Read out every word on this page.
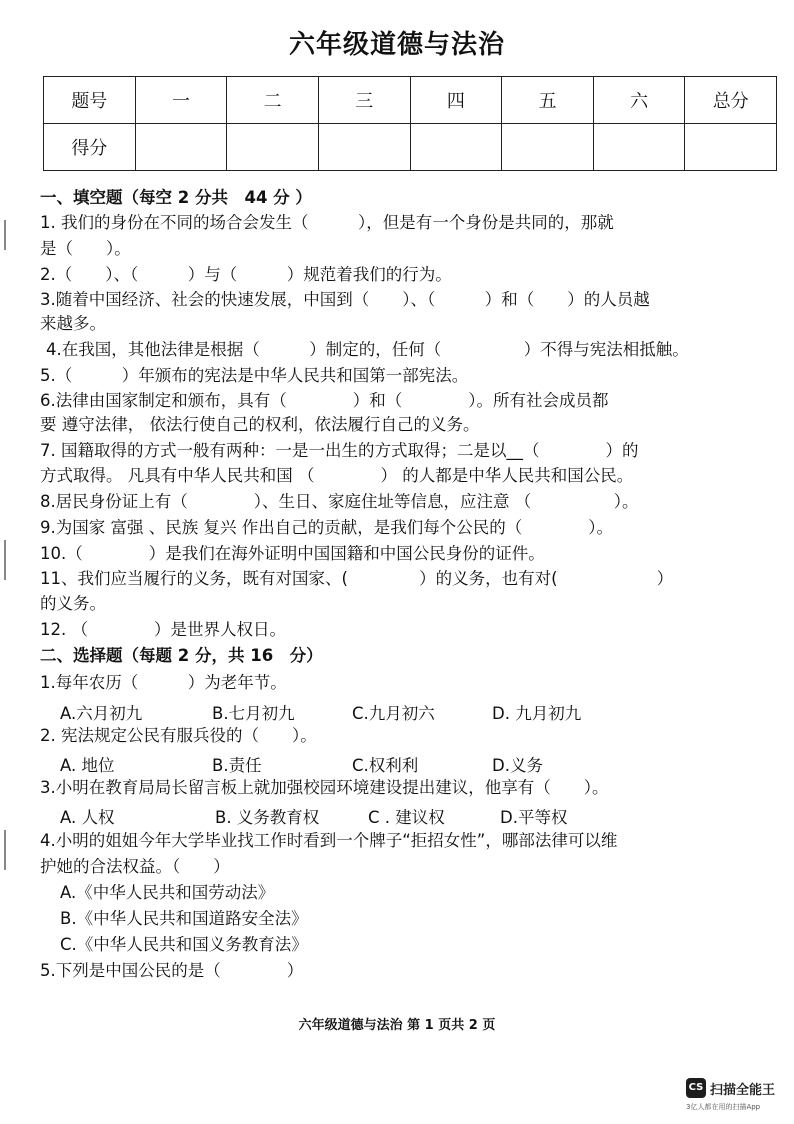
六年级道德与法治
题号	一	二	三	四	五	六	总分
得分							
一、填空题（每空 2 分共　44 分 ）
1. 我们的身份在不同的场合会发生（　　　），但是有一个身份是共同的，那就
是（　　）。
2.（　　）、（　　　）与（　　　）规范着我们的行为。
3.随着中国经济、社会的快速发展，中国到（　　）、（　　　）和（　　）的人员越
来越多。
4.在我国，其他法律是根据（　　　）制定的，任何（　　　　　）不得与宪法相抵触。
5.（　　　）年颁布的宪法是中华人民共和国第一部宪法。
6.法律由国家制定和颁布，具有（　　　　）和（　　　　）。所有社会成员都
要 遵守法律， 依法行使自己的权利，依法履行自己的义务。
7. 国籍取得的方式一般有两种：一是一出生的方式取得；二是以__（　　　　）的
方式取得。 凡具有中华人民共和国 （　　　　） 的人都是中华人民共和国公民。
8.居民身份证上有（　　　　）、生日、家庭住址等信息，应注意 （　　　　　）。
9.为国家 富强 、民族 复兴 作出自己的贡献，是我们每个公民的（　　　　）。
10.（　　　　）是我们在海外证明中国国籍和中国公民身份的证件。
11、我们应当履行的义务，既有对国家、(　　　　 ）的义务，也有对(　　　　　　）
的义务。
12. （　　　　）是世界人权日。
二、选择题（每题 2 分，共 16　分）
1.每年农历（　　　）为老年节。
A.六月初九	B.七月初九	C.九月初六	D. 九月初九
2. 宪法规定公民有服兵役的（　　）。
A. 地位	B.责任	C.权利利	D.义务
3.小明在教育局局长留言板上就加强校园环境建设提出建议，他享有（　　）。
A. 人权	B. 义务教育权	C . 建议权	D.平等权
4.小明的姐姐今年大学毕业找工作时看到一个牌子“拒招女性”，哪部法律可以维
护她的合法权益。（　　）
A.《中华人民共和国劳动法》
B.《中华人民共和国道路安全法》
C.《中华人民共和国义务教育法》
5.下列是中国公民的是（　　　　）
六年级道德与法治 第 1 页共 2 页
CS 扫描全能王
3亿人都在用的扫描App
